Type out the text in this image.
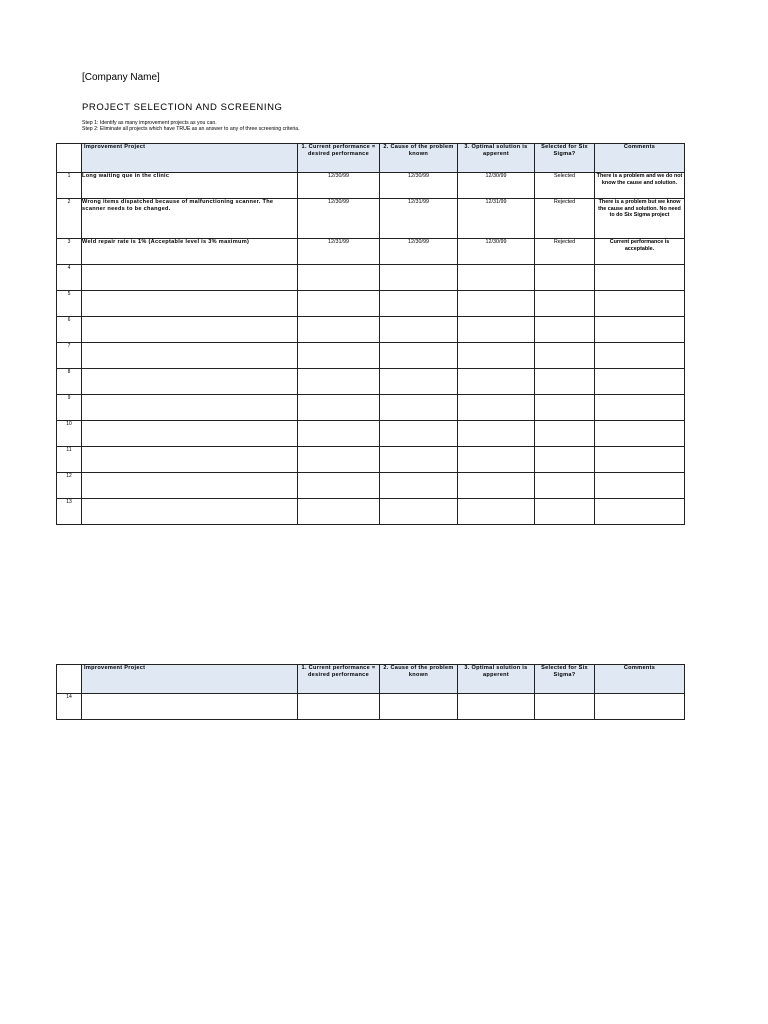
[Company Name]
PROJECT SELECTION AND SCREENING
Step 1: Identify as many improvement projects as you can.
Step 2: Eliminate all projects which have TRUE as an answer to any of three screening criteria.
	Improvement Project	1. Current performance = desired performance	2. Cause of the problem known	3. Optimal solution is apperent	Selected for Six Sigma?	Comments
1	Long waiting que in the clinic	12/30/99	12/30/99	12/30/99	Selected	There is a problem and we do not know the cause and solution.
2	Wrong items dispatched because of malfunctioning scanner. The scanner needs to be changed.	12/30/99	12/31/99	12/31/99	Rejected	There is a problem but we know the cause and solution. No need to do Six Sigma project
3	Weld repair rate is 1% (Acceptable level is 3% maximum)	12/31/99	12/30/99	12/30/99	Rejected	Current performance is acceptable.
4						
5						
6						
7						
8						
9						
10						
11						
12						
13						
	Improvement Project	1. Current performance = desired performance	2. Cause of the problem known	3. Optimal solution is apperent	Selected for Six Sigma?	Comments
14						
